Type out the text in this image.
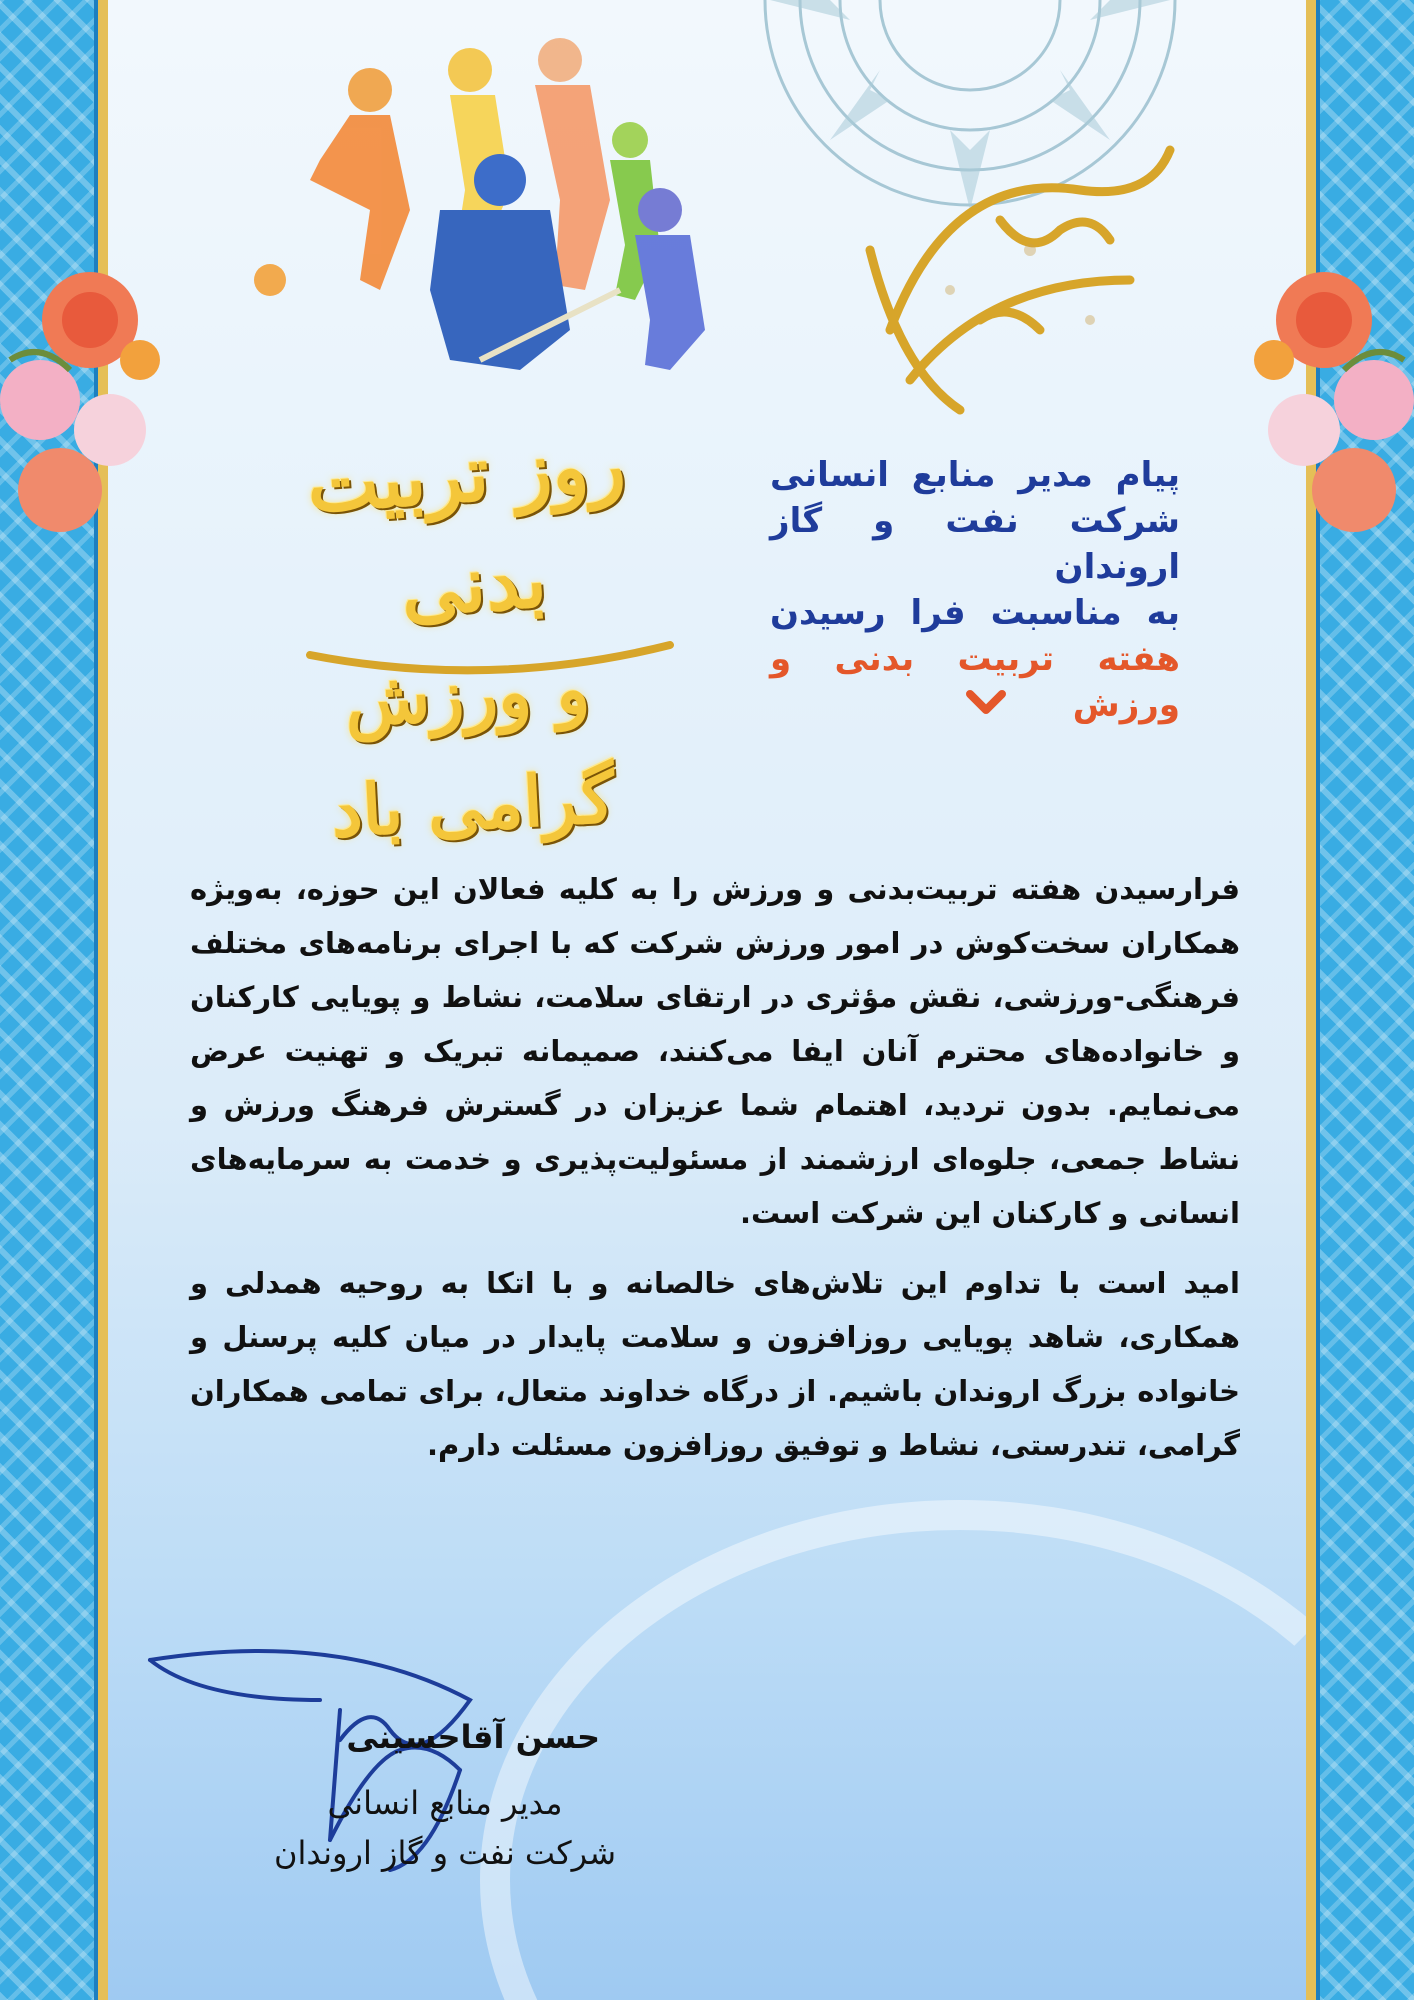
روز تربیت بدنی
و ورزش گرامی باد
پیام مدیر منابع انسانی
شرکت نفت و گاز اروندان
به مناسبت فرا رسیدن
هفته تربیت بدنی و ورزش

فرارسیدن هفته تربیت‌بدنی و ورزش را به کلیه فعالان این حوزه، به‌ویژه همکاران سخت‌کوش در امور ورزش شرکت که با اجرای برنامه‌های مختلف فرهنگی-ورزشی، نقش مؤثری در ارتقای سلامت، نشاط و پویایی کارکنان و خانواده‌های محترم آنان ایفا می‌کنند، صمیمانه تبریک و تهنیت عرض می‌نمایم. بدون تردید، اهتمام شما عزیزان در گسترش فرهنگ ورزش و نشاط جمعی، جلوه‌ای ارزشمند از مسئولیت‌پذیری و خدمت به سرمایه‌های انسانی و کارکنان این شرکت است.

امید است با تداوم این تلاش‌های خالصانه و با اتکا به روحیه همدلی و همکاری، شاهد پویایی روزافزون و سلامت پایدار در میان کلیه پرسنل و خانواده بزرگ اروندان باشیم. از درگاه خداوند متعال، برای تمامی همکاران گرامی، تندرستی، نشاط و توفیق روزافزون مسئلت دارم.

حسن آقاحسینی
مدیر منابع انسانی
شرکت نفت و گاز اروندان
